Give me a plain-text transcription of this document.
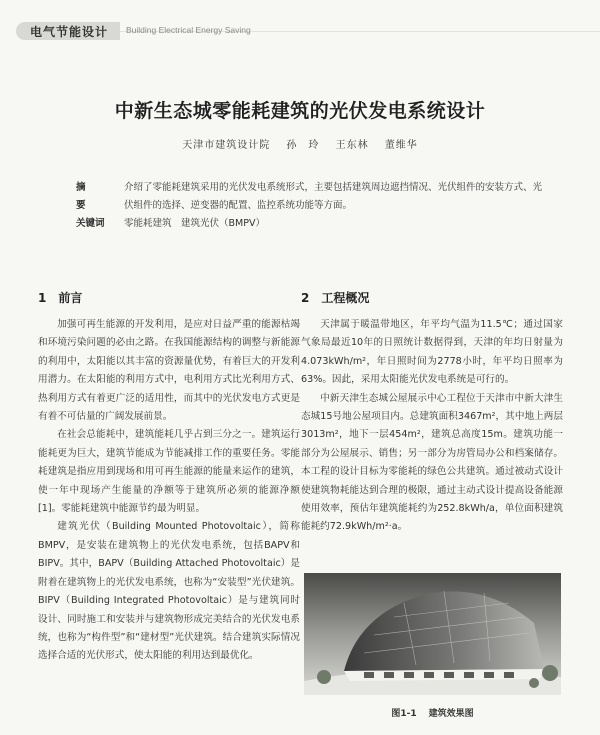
电气节能设计 Building Electrical Energy Saving
中新生态城零能耗建筑的光伏发电系统设计
天津市建筑设计院 孙　玲 王东林 董维华
摘　要
介绍了零能耗建筑采用的光伏发电系统形式，主要包括建筑周边遮挡情况、光伏组件的安装方式、光伏组件的选择、逆变器的配置、监控系统功能等方面。
关键词	零能耗建筑　建筑光伏（BMPV）
1 前言

加强可再生能源的开发利用，是应对日益严重的能源枯竭和环境污染问题的必由之路。在我国能源结构的调整与新能源的利用中，太阳能以其丰富的资源量优势，有着巨大的开发利用潜力。在太阳能的利用方式中，电利用方式比光利用方式、热利用方式有着更广泛的适用性，而其中的光伏发电方式更是有着不可估量的广阔发展前景。

在社会总能耗中，建筑能耗几乎占到三分之一。建筑运行能耗更为巨大，建筑节能成为节能减排工作的重要任务。零能耗建筑是指应用到现场和用可再生能源的能量来运作的建筑，使一年中现场产生能量的净额等于建筑所必须的能源净额[1]。零能耗建筑中能源节约最为明显。

建筑光伏（Building Mounted Photovoltaic），简称BMPV，是安装在建筑物上的光伏发电系统，包括BAPV和BIPV。其中，BAPV（Building Attached Photovoltaic）是附着在建筑物上的光伏发电系统，也称为“安装型”光伏建筑。BIPV（Building Integrated Photovoltaic）是与建筑同时设计、同时施工和安装并与建筑物形成完美结合的光伏发电系统，也称为“构件型”和“建材型”光伏建筑。结合建筑实际情况选择合适的光伏形式，使太阳能的利用达到最优化。

2 工程概况

天津属于暖温带地区，年平均气温为11.5℃；通过国家气象局最近10年的日照统计数据得到，天津的年均日射量为4.073kWh/m²，年日照时间为2778小时，年平均日照率为63%。因此，采用太阳能光伏发电系统是可行的。

中新天津生态城公屋展示中心工程位于天津市中新大津生态城15号地公屋项目内。总建筑面积3467m²，其中地上两层3013m²，地下一层454m²，建筑总高度15m。建筑功能一部分为公屋展示、销售；另一部分为房管局办公和档案储存。本工程的设计目标为零能耗的绿色公共建筑。通过被动式设计使建筑物耗能达到合理的极限，通过主动式设计提高设备能源使用效率，预估年建筑能耗约为252.8kWh/a，单位面积建筑能耗约72.9kWh/m²·a。

图1-1 建筑效果图
